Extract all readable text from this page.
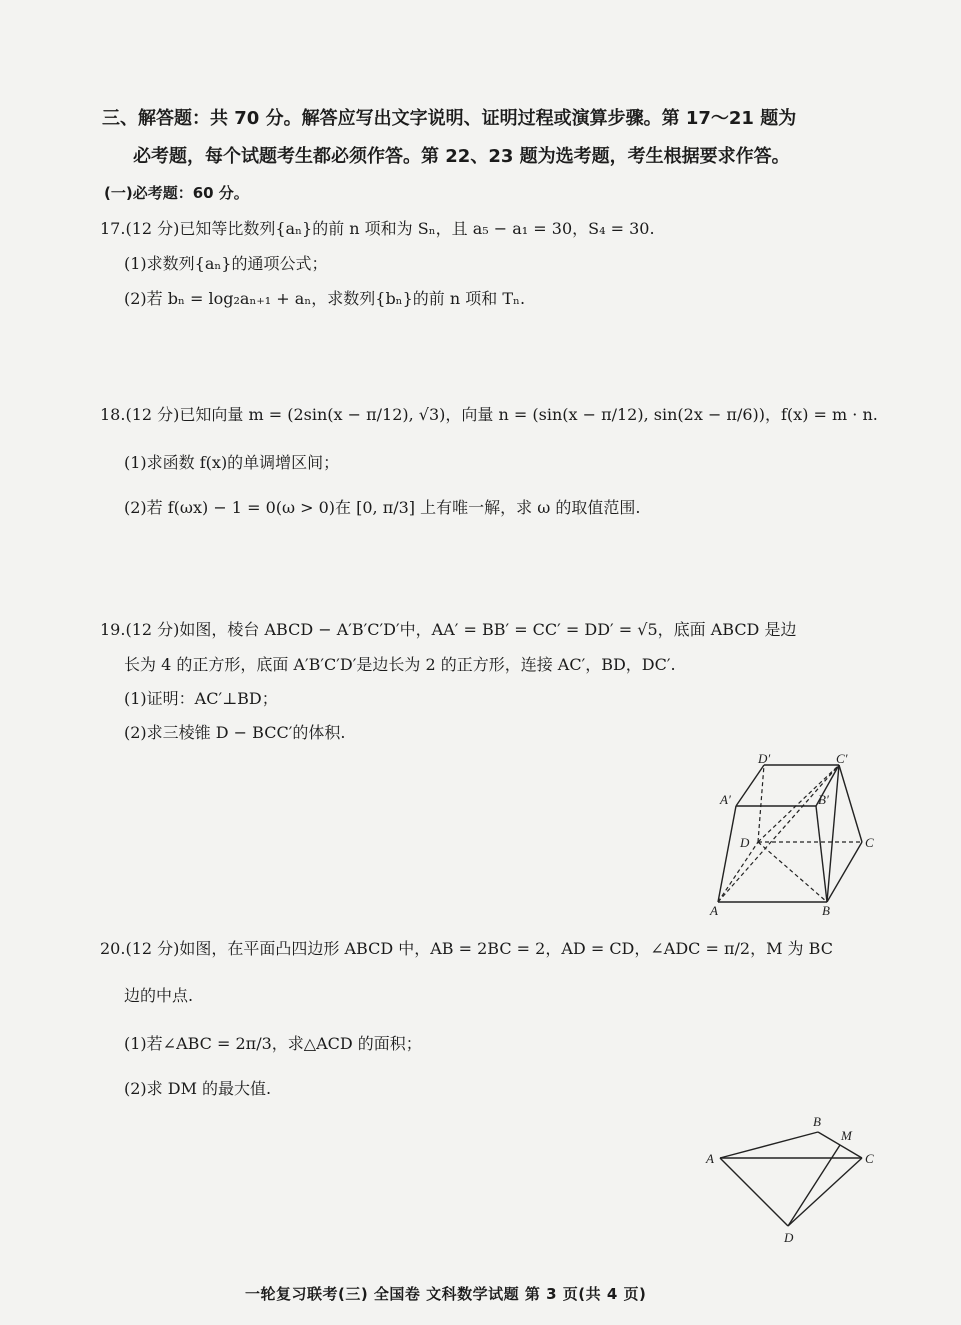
三、解答题：共 70 分。解答应写出文字说明、证明过程或演算步骤。第 17～21 题为
必考题，每个试题考生都必须作答。第 22、23 题为选考题，考生根据要求作答。
(一)必考题：60 分。
17.(12 分)已知等比数列{aₙ}的前 n 项和为 Sₙ，且 a₅ − a₁ = 30，S₄ = 30.
(1)求数列{aₙ}的通项公式；
(2)若 bₙ = log₂aₙ₊₁ + aₙ，求数列{bₙ}的前 n 项和 Tₙ.
18.(12 分)已知向量 m = (2sin(x − π/12), √3)，向量 n = (sin(x − π/12), sin(2x − π/6))，f(x) = m · n.
(1)求函数 f(x)的单调增区间；
(2)若 f(ωx) − 1 = 0(ω > 0)在 [0, π/3] 上有唯一解，求 ω 的取值范围.
19.(12 分)如图，棱台 ABCD − A′B′C′D′中，AA′ = BB′ = CC′ = DD′ = √5，底面 ABCD 是边
长为 4 的正方形，底面 A′B′C′D′是边长为 2 的正方形，连接 AC′，BD，DC′.
(1)证明：AC′⊥BD；
(2)求三棱锥 D − BCC′的体积.
D′	C′
A′	B′
D	C
A	B
20.(12 分)如图，在平面凸四边形 ABCD 中，AB = 2BC = 2，AD = CD，∠ADC = π/2，M 为 BC
边的中点.
(1)若∠ABC = 2π/3，求△ACD 的面积；
(2)求 DM 的最大值.
B
M
A	C
D
一轮复习联考(三) 全国卷 文科数学试题 第 3 页(共 4 页)
